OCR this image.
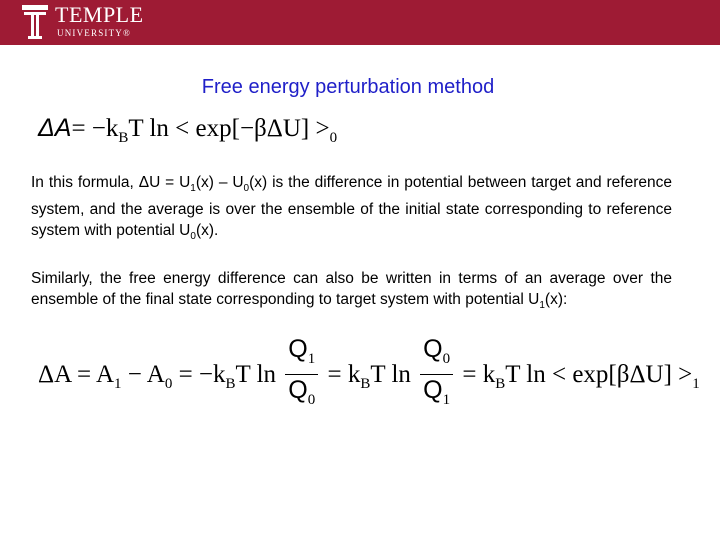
TEMPLE
UNIVERSITY®
Free energy perturbation method
$\Delta A= -k_BT$ $\ln < \exp[-\beta\Delta U] >_0$
In this formula, $\Delta U = U_1(x) - U_0(x)$ is the difference in potential between target and reference system, and the average is over the ensemble of the initial state corresponding to reference system with potential $U_0(x)$.
Similarly, the free energy difference can also be written in terms of an average over the ensemble of the final state corresponding to target system with potential $U_1(x)$:
$\Delta A = A_1 - A_0 = -k_BT$ $\ln \frac{Q_1}{Q_0} = k_BT$ $\ln \frac{Q_0}{Q_1} = k_BT$ $\ln < \exp[\beta\Delta U] >_1$
